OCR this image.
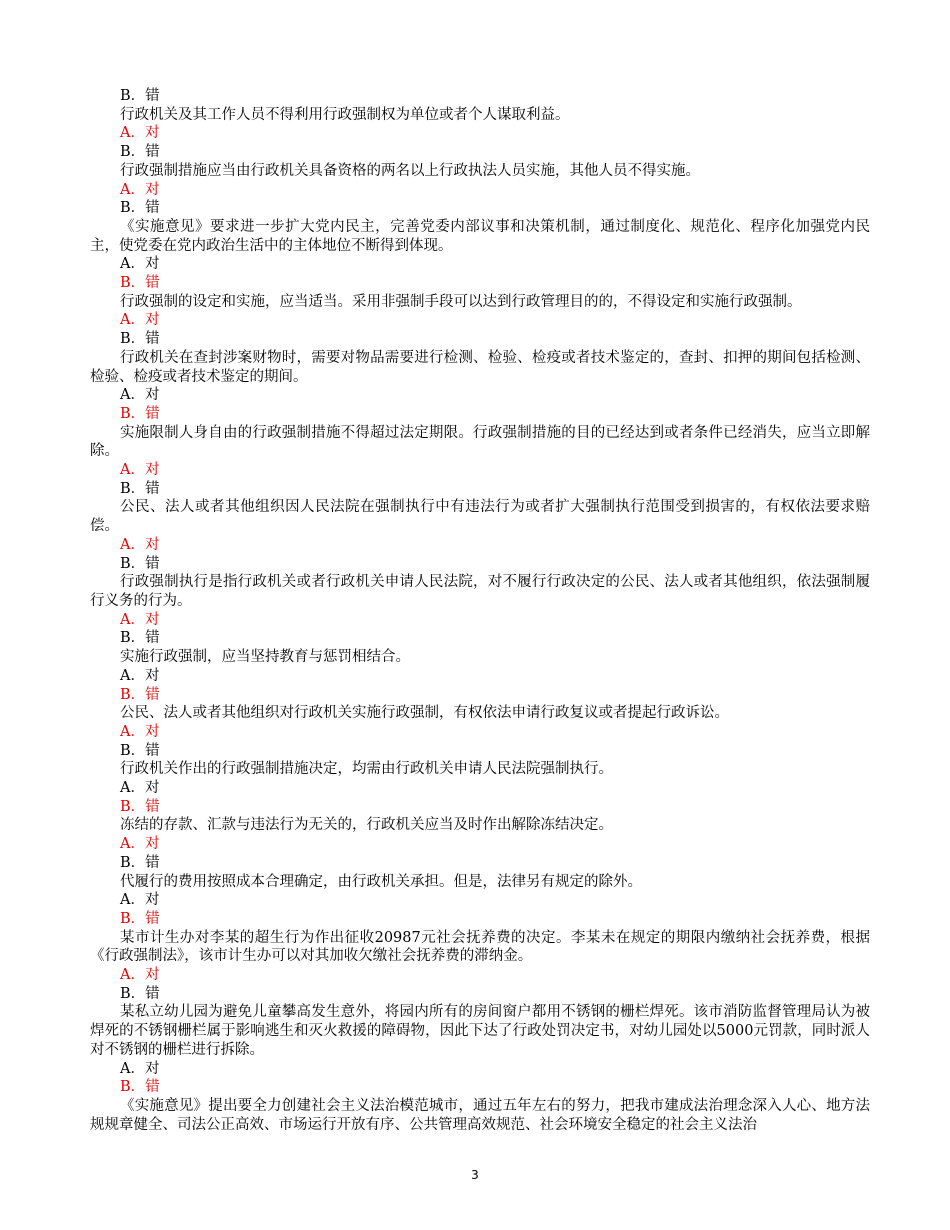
B．错

行政机关及其工作人员不得利用行政强制权为单位或者个人谋取利益。

A．对

B．错

行政强制措施应当由行政机关具备资格的两名以上行政执法人员实施，其他人员不得实施。

A．对

B．错

《实施意见》要求进一步扩大党内民主，完善党委内部议事和决策机制，通过制度化、规范化、程序化加强党内民主，使党委在党内政治生活中的主体地位不断得到体现。

A．对

B．错

行政强制的设定和实施，应当适当。采用非强制手段可以达到行政管理目的的，不得设定和实施行政强制。

A．对

B．错

行政机关在查封涉案财物时，需要对物品需要进行检测、检验、检疫或者技术鉴定的，查封、扣押的期间包括检测、检验、检疫或者技术鉴定的期间。

A．对

B．错

实施限制人身自由的行政强制措施不得超过法定期限。行政强制措施的目的已经达到或者条件已经消失，应当立即解除。

A．对

B．错

公民、法人或者其他组织因人民法院在强制执行中有违法行为或者扩大强制执行范围受到损害的，有权依法要求赔偿。

A．对

B．错

行政强制执行是指行政机关或者行政机关申请人民法院，对不履行行政决定的公民、法人或者其他组织，依法强制履行义务的行为。

A．对

B．错

实施行政强制，应当坚持教育与惩罚相结合。

A．对

B．错

公民、法人或者其他组织对行政机关实施行政强制，有权依法申请行政复议或者提起行政诉讼。

A．对

B．错

行政机关作出的行政强制措施决定，均需由行政机关申请人民法院强制执行。

A．对

B．错

冻结的存款、汇款与违法行为无关的，行政机关应当及时作出解除冻结决定。

A．对

B．错

代履行的费用按照成本合理确定，由行政机关承担。但是，法律另有规定的除外。

A．对

B．错

某市计生办对李某的超生行为作出征收20987元社会抚养费的决定。李某未在规定的期限内缴纳社会抚养费，根据《行政强制法》，该市计生办可以对其加收欠缴社会抚养费的滞纳金。

A．对

B．错

某私立幼儿园为避免儿童攀高发生意外，将园内所有的房间窗户都用不锈钢的栅栏焊死。该市消防监督管理局认为被焊死的不锈钢栅栏属于影响逃生和灭火救援的障碍物，因此下达了行政处罚决定书，对幼儿园处以5000元罚款，同时派人对不锈钢的栅栏进行拆除。

A．对

B．错

《实施意见》提出要全力创建社会主义法治模范城市，通过五年左右的努力，把我市建成法治理念深入人心、地方法规规章健全、司法公正高效、市场运行开放有序、公共管理高效规范、社会环境安全稳定的社会主义法治

3
